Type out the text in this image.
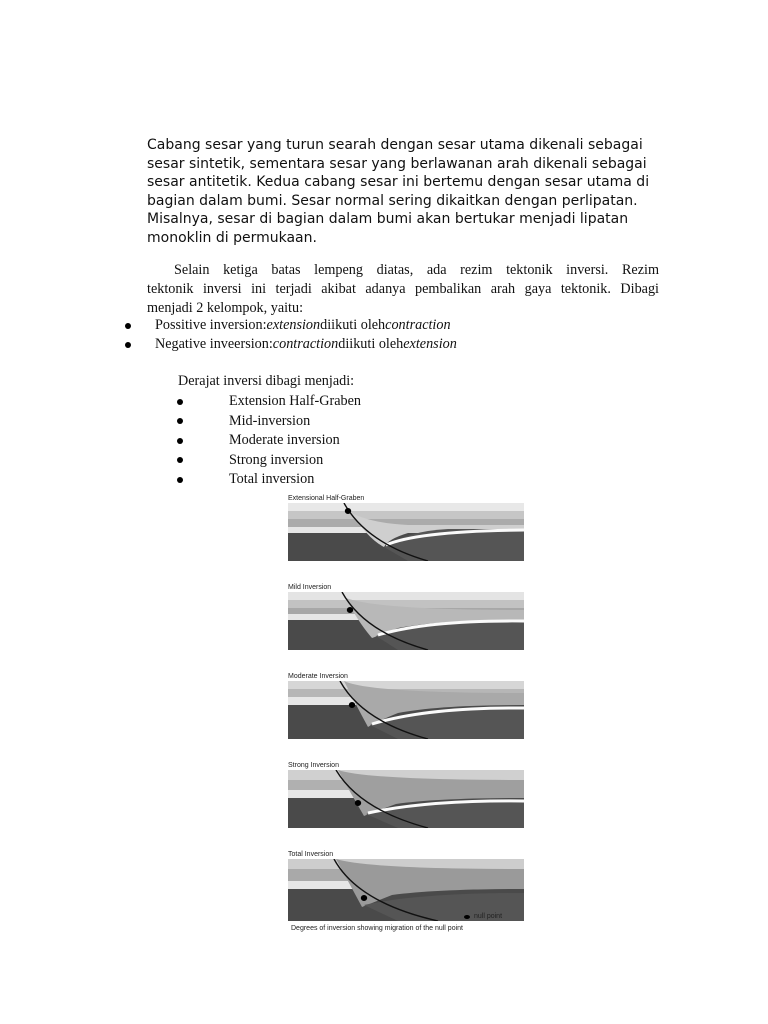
Cabang sesar yang turun searah dengan sesar utama dikenali sebagai
sesar sintetik, sementara sesar yang berlawanan arah dikenali sebagai
sesar antitetik. Kedua cabang sesar ini bertemu dengan sesar utama di
bagian dalam bumi. Sesar normal sering dikaitkan dengan perlipatan.
Misalnya, sesar di bagian dalam bumi akan bertukar menjadi lipatan
monoklin di permukaan.
Selain ketiga batas lempeng diatas, ada rezim tektonik inversi. Rezim
tektonik inversi ini terjadi akibat adanya pembalikan arah gaya tektonik. Dibagi
menjadi 2 kelompok, yaitu:
Possitive inversion: extension diikuti oleh contraction
Negative inveersion: contraction diikuti oleh extension
Derajat inversi dibagi menjadi:
Extension Half-Graben
Mid-inversion
Moderate inversion
Strong inversion
Total inversion
Extensional Half-Graben
Mild Inversion
Moderate Inversion
Strong Inversion
Total Inversion
null point
Degrees of inversion showing migration of the null point
